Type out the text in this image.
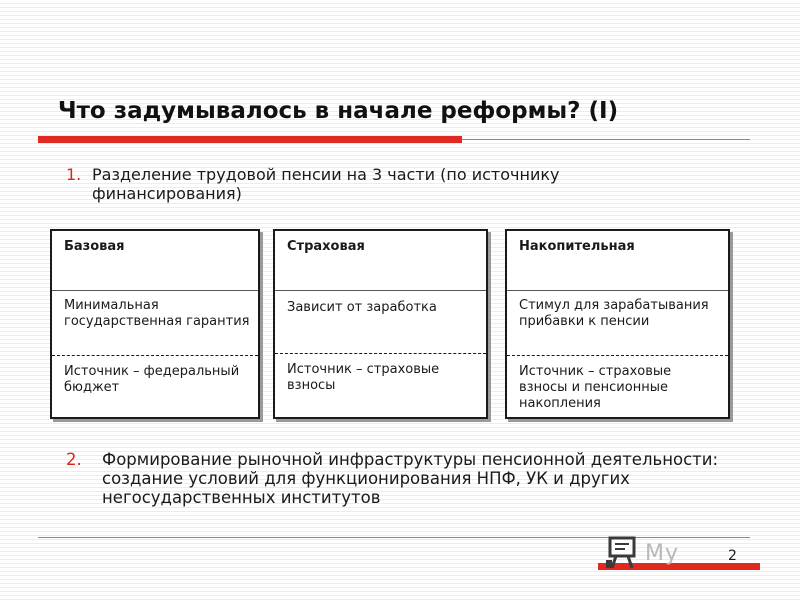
Что задумывалось в начале реформы? (I)
1. Разделение трудовой пенсии на 3 части (по источнику финансирования)
Базовая
Минимальная государственная гарантия
Источник – федеральный бюджет
Страховая
Зависит от заработка
Источник – страховые взносы
Накопительная
Стимул для зарабатывания прибавки к пенсии
Источник – страховые взносы и пенсионные накопления
2. Формирование рыночной инфраструктуры пенсионной деятельности: создание условий для функционирования НПФ, УК и других негосударственных институтов
My	2
